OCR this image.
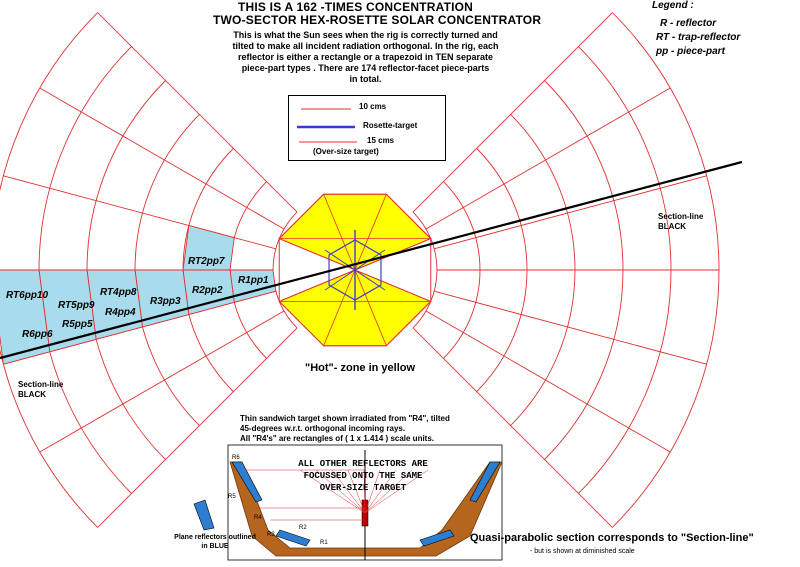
THIS IS A 162 -TIMES CONCENTRATION
TWO-SECTOR HEX-ROSETTE SOLAR CONCENTRATOR
This is what the Sun sees when the rig is correctly turned and
tilted to make all incident radiation orthogonal. In the rig, each
reflector is either a rectangle or a trapezoid in TEN separate
piece-part types . There are 174 reflector-facet piece-parts
in total.
Legend :
R - reflector
RT - trap-reflector
pp - piece-part
10 cms
Rosette-target
15 cms
(Over-size target)
Section-line
BLACK
Section-line
BLACK
"Hot"- zone in yellow
RT6pp10
R6pp6
RT5pp9
R5pp5
RT4pp8
R4pp4
R3pp3
RT2pp7
R2pp2
R1pp1
Thin sandwich target shown irradiated from "R4", tilted
45-degrees w.r.t. orthogonal incoming rays.
All "R4's" are rectangles of ( 1 x 1.414 ) scale units.
ALL OTHER REFLECTORS ARE
FOCUSSED ONTO THE SAME
OVER-SIZE TARGET
R6
R5
R4
R3
R2
R1
Plane reflectors outlined
in BLUE
Quasi-parabolic section corresponds to "Section-line"
- but is shown at diminished scale
